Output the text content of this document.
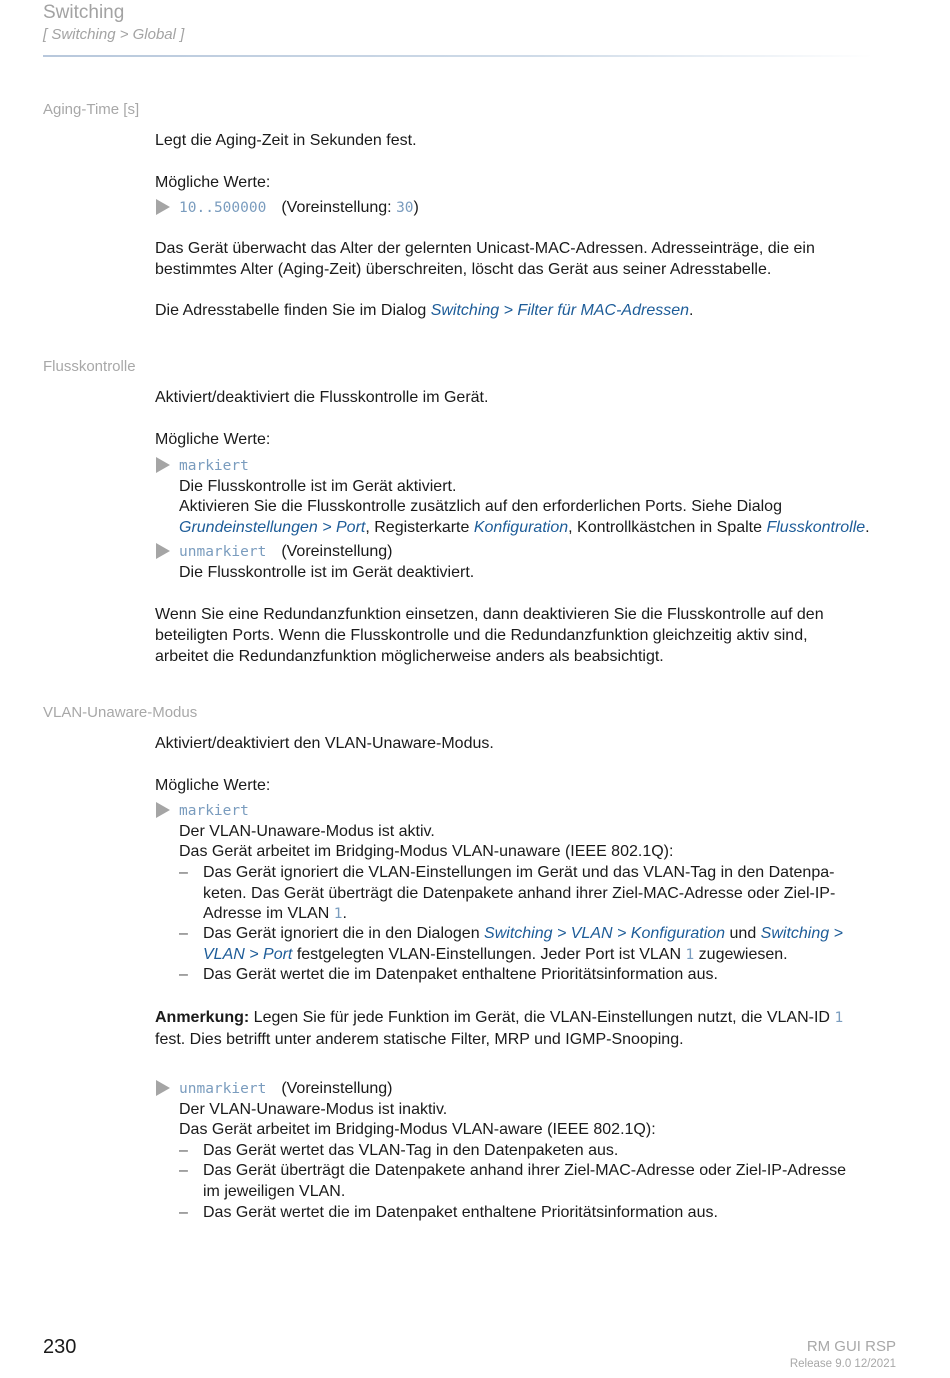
Switching
[ Switching > Global ]
Aging-Time [s]
Legt die Aging-Zeit in Sekunden fest.
Mögliche Werte:
10..500000 (Voreinstellung: 30)
Das Gerät überwacht das Alter der gelernten Unicast-MAC-Adressen. Adresseinträge, die ein
bestimmtes Alter (Aging-Zeit) überschreiten, löscht das Gerät aus seiner Adresstabelle.
Die Adresstabelle finden Sie im Dialog Switching > Filter für MAC-Adressen.
Flusskontrolle
Aktiviert/deaktiviert die Flusskontrolle im Gerät.
Mögliche Werte:
markiert
Die Flusskontrolle ist im Gerät aktiviert.
Aktivieren Sie die Flusskontrolle zusätzlich auf den erforderlichen Ports. Siehe Dialog
Grundeinstellungen > Port, Registerkarte Konfiguration, Kontrollkästchen in Spalte Flusskontrolle.
unmarkiert (Voreinstellung)
Die Flusskontrolle ist im Gerät deaktiviert.
Wenn Sie eine Redundanzfunktion einsetzen, dann deaktivieren Sie die Flusskontrolle auf den
beteiligten Ports. Wenn die Flusskontrolle und die Redundanzfunktion gleichzeitig aktiv sind,
arbeitet die Redundanzfunktion möglicherweise anders als beabsichtigt.
VLAN-Unaware-Modus
Aktiviert/deaktiviert den VLAN-Unaware-Modus.
Mögliche Werte:
markiert
Der VLAN-Unaware-Modus ist aktiv.
Das Gerät arbeitet im Bridging-Modus VLAN-unaware (IEEE 802.1Q):
– Das Gerät ignoriert die VLAN-Einstellungen im Gerät und das VLAN-Tag in den Datenpa-
keten. Das Gerät überträgt die Datenpakete anhand ihrer Ziel-MAC-Adresse oder Ziel-IP-
Adresse im VLAN 1.
– Das Gerät ignoriert die in den Dialogen Switching > VLAN > Konfiguration und Switching >
VLAN > Port festgelegten VLAN-Einstellungen. Jeder Port ist VLAN 1 zugewiesen.
– Das Gerät wertet die im Datenpaket enthaltene Prioritätsinformation aus.
Anmerkung: Legen Sie für jede Funktion im Gerät, die VLAN-Einstellungen nutzt, die VLAN-ID 1
fest. Dies betrifft unter anderem statische Filter, MRP und IGMP-Snooping.
unmarkiert (Voreinstellung)
Der VLAN-Unaware-Modus ist inaktiv.
Das Gerät arbeitet im Bridging-Modus VLAN-aware (IEEE 802.1Q):
– Das Gerät wertet das VLAN-Tag in den Datenpaketen aus.
– Das Gerät überträgt die Datenpakete anhand ihrer Ziel-MAC-Adresse oder Ziel-IP-Adresse
im jeweiligen VLAN.
– Das Gerät wertet die im Datenpaket enthaltene Prioritätsinformation aus.
230	RM GUI RSP
Release 9.0 12/2021
